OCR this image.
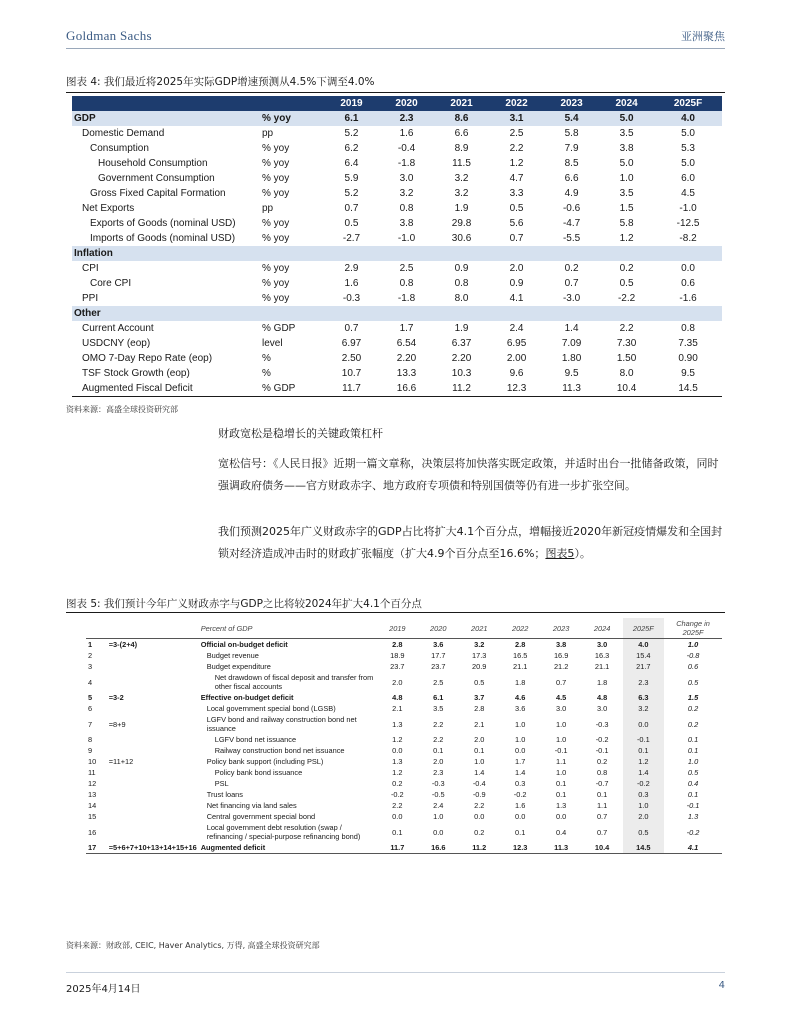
Goldman Sachs	亚洲聚焦
图表 4: 我们最近将2025年实际GDP增速预测从4.5%下调至4.0%
		2019	2020	2021	2022	2023	2024	2025F
GDP	% yoy	6.1	2.3	8.6	3.1	5.4	5.0	4.0
Domestic Demand	pp	5.2	1.6	6.6	2.5	5.8	3.5	5.0
Consumption	% yoy	6.2	-0.4	8.9	2.2	7.9	3.8	5.3
Household Consumption	% yoy	6.4	-1.8	11.5	1.2	8.5	5.0	5.0
Government Consumption	% yoy	5.9	3.0	3.2	4.7	6.6	1.0	6.0
Gross Fixed Capital Formation	% yoy	5.2	3.2	3.2	3.3	4.9	3.5	4.5
Net Exports	pp	0.7	0.8	1.9	0.5	-0.6	1.5	-1.0
Exports of Goods (nominal USD)	% yoy	0.5	3.8	29.8	5.6	-4.7	5.8	-12.5
Imports of Goods (nominal USD)	% yoy	-2.7	-1.0	30.6	0.7	-5.5	1.2	-8.2
Inflation								
CPI	% yoy	2.9	2.5	0.9	2.0	0.2	0.2	0.0
Core CPI	% yoy	1.6	0.8	0.8	0.9	0.7	0.5	0.6
PPI	% yoy	-0.3	-1.8	8.0	4.1	-3.0	-2.2	-1.6
Other								
Current Account	% GDP	0.7	1.7	1.9	2.4	1.4	2.2	0.8
USDCNY (eop)	level	6.97	6.54	6.37	6.95	7.09	7.30	7.35
OMO 7-Day Repo Rate (eop)	%	2.50	2.20	2.20	2.00	1.80	1.50	0.90
TSF Stock Growth (eop)	%	10.7	13.3	10.3	9.6	9.5	8.0	9.5
Augmented Fiscal Deficit	% GDP	11.7	16.6	11.2	12.3	11.3	10.4	14.5
资料来源：高盛全球投资研究部
财政宽松是稳增长的关键政策杠杆
宽松信号：《人民日报》近期一篇文章称，决策层将加快落实既定政策，并适时出台一批储备政策，同时强调政府债务——官方财政赤字、地方政府专项债和特别国债等仍有进一步扩张空间。
我们预测2025年广义财政赤字的GDP占比将扩大4.1个百分点，增幅接近2020年新冠疫情爆发和全国封锁对经济造成冲击时的财政扩张幅度（扩大4.9个百分点至16.6%；图表5）。
图表 5: 我们预计今年广义财政赤字与GDP之比将较2024年扩大4.1个百分点
		Percent of GDP	2019	2020	2021	2022	2023	2024	2025F	Change in 2025F
1	=3-(2+4)	Official on-budget deficit	2.8	3.6	3.2	2.8	3.8	3.0	4.0	1.0
2		Budget revenue	18.9	17.7	17.3	16.5	16.9	16.3	15.4	-0.8
3		Budget expenditure	23.7	23.7	20.9	21.1	21.2	21.1	21.7	0.6
4		Net drawdown of fiscal deposit and transfer from other fiscal accounts	2.0	2.5	0.5	1.8	0.7	1.8	2.3	0.5
5	=3-2	Effective on-budget deficit	4.8	6.1	3.7	4.6	4.5	4.8	6.3	1.5
6		Local government special bond (LGSB)	2.1	3.5	2.8	3.6	3.0	3.0	3.2	0.2
7	=8+9	LGFV bond and railway construction bond net issuance	1.3	2.2	2.1	1.0	1.0	-0.3	0.0	0.2
8		LGFV bond net issuance	1.2	2.2	2.0	1.0	1.0	-0.2	-0.1	0.1
9		Railway construction bond net issuance	0.0	0.1	0.1	0.0	-0.1	-0.1	0.1	0.1
10	=11+12	Policy bank support (including PSL)	1.3	2.0	1.0	1.7	1.1	0.2	1.2	1.0
11		Policy bank bond issuance	1.2	2.3	1.4	1.4	1.0	0.8	1.4	0.5
12		PSL	0.2	-0.3	-0.4	0.3	0.1	-0.7	-0.2	0.4
13		Trust loans	-0.2	-0.5	-0.9	-0.2	0.1	0.1	0.3	0.1
14		Net financing via land sales	2.2	2.4	2.2	1.6	1.3	1.1	1.0	-0.1
15		Central government special bond	0.0	1.0	0.0	0.0	0.0	0.7	2.0	1.3
16		Local government debt resolution (swap / refinancing / special-purpose refinancing bond)	0.1	0.0	0.2	0.1	0.4	0.7	0.5	-0.2
17	=5+6+7+10+13+14+15+16	Augmented deficit	11.7	16.6	11.2	12.3	11.3	10.4	14.5	4.1
资料来源：财政部, CEIC, Haver Analytics, 万得, 高盛全球投资研究部
2025年4月14日	4
